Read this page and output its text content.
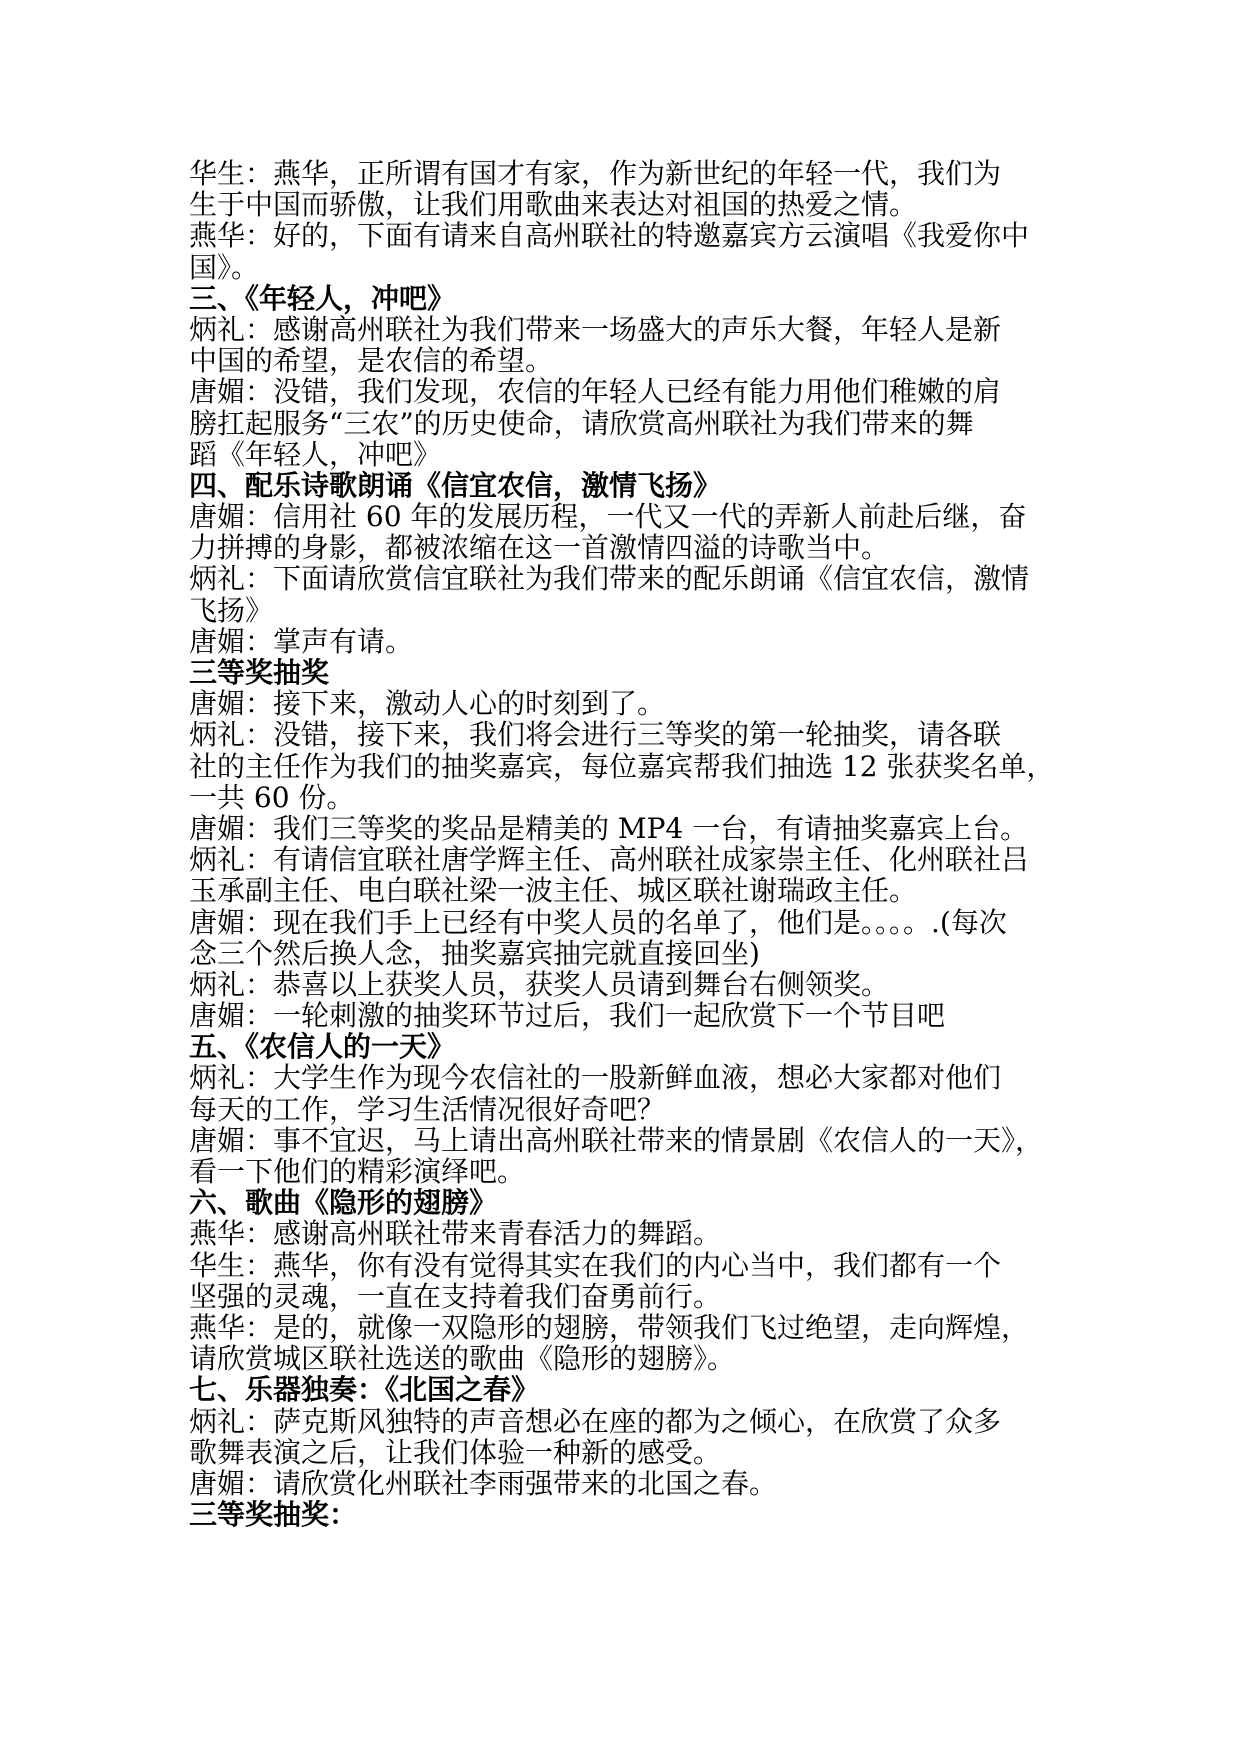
华生：燕华，正所谓有国才有家，作为新世纪的年轻一代，我们为
生于中国而骄傲，让我们用歌曲来表达对祖国的热爱之情。
燕华：好的，下面有请来自高州联社的特邀嘉宾方云演唱《我爱你中
国》。
三、《年轻人，冲吧》
炳礼：感谢高州联社为我们带来一场盛大的声乐大餐，年轻人是新
中国的希望，是农信的希望。
唐媚：没错，我们发现，农信的年轻人已经有能力用他们稚嫩的肩
膀扛起服务“三农”的历史使命，请欣赏高州联社为我们带来的舞
蹈《年轻人，冲吧》
四、配乐诗歌朗诵《信宜农信，激情飞扬》
唐媚：信用社 60 年的发展历程，一代又一代的弄新人前赴后继，奋
力拼搏的身影，都被浓缩在这一首激情四溢的诗歌当中。
炳礼：下面请欣赏信宜联社为我们带来的配乐朗诵《信宜农信，激情
飞扬》
唐媚：掌声有请。
三等奖抽奖
唐媚：接下来，激动人心的时刻到了。
炳礼：没错，接下来，我们将会进行三等奖的第一轮抽奖，请各联
社的主任作为我们的抽奖嘉宾，每位嘉宾帮我们抽选 12 张获奖名单，
一共 60 份。
唐媚：我们三等奖的奖品是精美的 MP4 一台，有请抽奖嘉宾上台。
炳礼：有请信宜联社唐学辉主任、高州联社成家崇主任、化州联社吕
玉承副主任、电白联社梁一波主任、城区联社谢瑞政主任。
唐媚：现在我们手上已经有中奖人员的名单了，他们是。。。。.(每次
念三个然后换人念，抽奖嘉宾抽完就直接回坐)
炳礼：恭喜以上获奖人员，获奖人员请到舞台右侧领奖。
唐媚：一轮刺激的抽奖环节过后，我们一起欣赏下一个节目吧
五、《农信人的一天》
炳礼：大学生作为现今农信社的一股新鲜血液，想必大家都对他们
每天的工作，学习生活情况很好奇吧？
唐媚：事不宜迟，马上请出高州联社带来的情景剧《农信人的一天》，
看一下他们的精彩演绎吧。
六、歌曲《隐形的翅膀》
燕华：感谢高州联社带来青春活力的舞蹈。
华生：燕华，你有没有觉得其实在我们的内心当中，我们都有一个
坚强的灵魂，一直在支持着我们奋勇前行。
燕华：是的，就像一双隐形的翅膀，带领我们飞过绝望，走向辉煌，
请欣赏城区联社选送的歌曲《隐形的翅膀》。
七、乐器独奏：《北国之春》
炳礼：萨克斯风独特的声音想必在座的都为之倾心，在欣赏了众多
歌舞表演之后，让我们体验一种新的感受。
唐媚：请欣赏化州联社李雨强带来的北国之春。
三等奖抽奖：
